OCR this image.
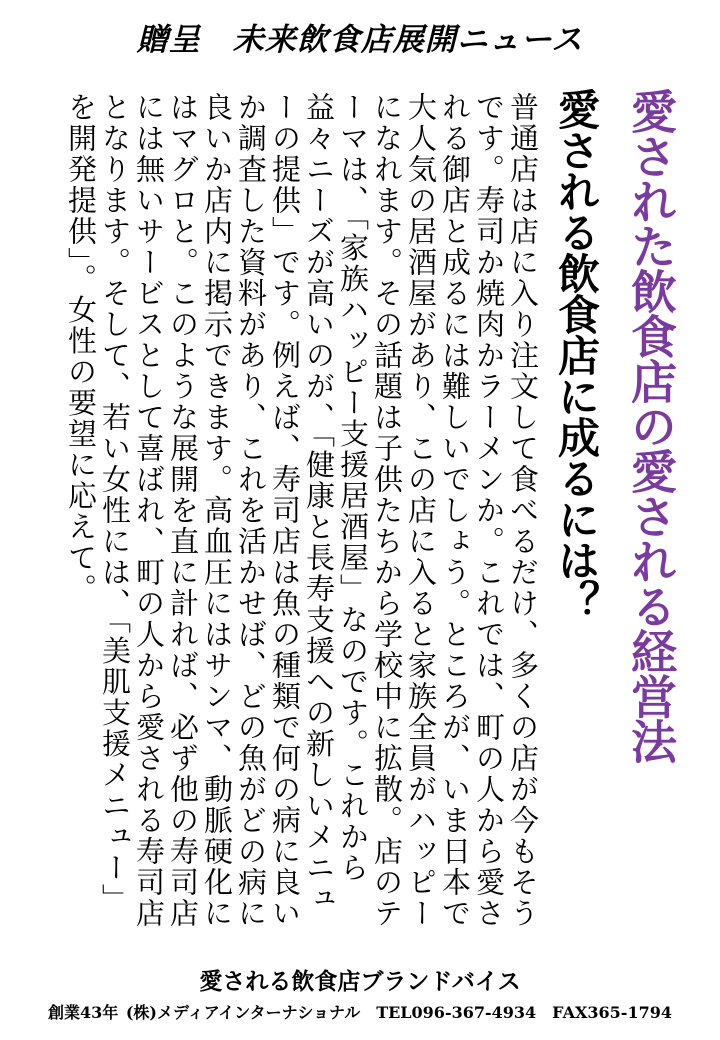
贈呈　未来飲食店展開ニュース
愛された飲食店の愛される経営法
愛される飲食店に成るには？
普通店は店に入り注文して食べるだけ、多くの店が今もそうです。寿司か焼肉かラーメンか。これでは、町の人から愛される御店と成るには難しいでしょう。ところが、いま日本で大人気の居酒屋があり、この店に入ると家族全員がハッピーになれます。その話題は子供たちから学校中に拡散。店のテーマは、「家族ハッピー支援居酒屋」なのです。これから益々ニーズが高いのが、「健康と長寿支援への新しいメニューの提供」です。例えば、寿司店は魚の種類で何の病に良いか調査した資料があり、これを活かせば、どの魚がどの病に良いか店内に掲示できます。高血圧にはサンマ、動脈硬化にはマグロと。このような展開を直に計れば、必ず他の寿司店には無いサービスとして喜ばれ、町の人から愛される寿司店となります。そして、若い女性には、「美肌支援メニュー」を開発提供」。女性の要望に応えて。
愛される飲食店ブランドバイス
創業43年 (株)メディアインターナショナル　TEL096-367-4934　FAX365-1794
